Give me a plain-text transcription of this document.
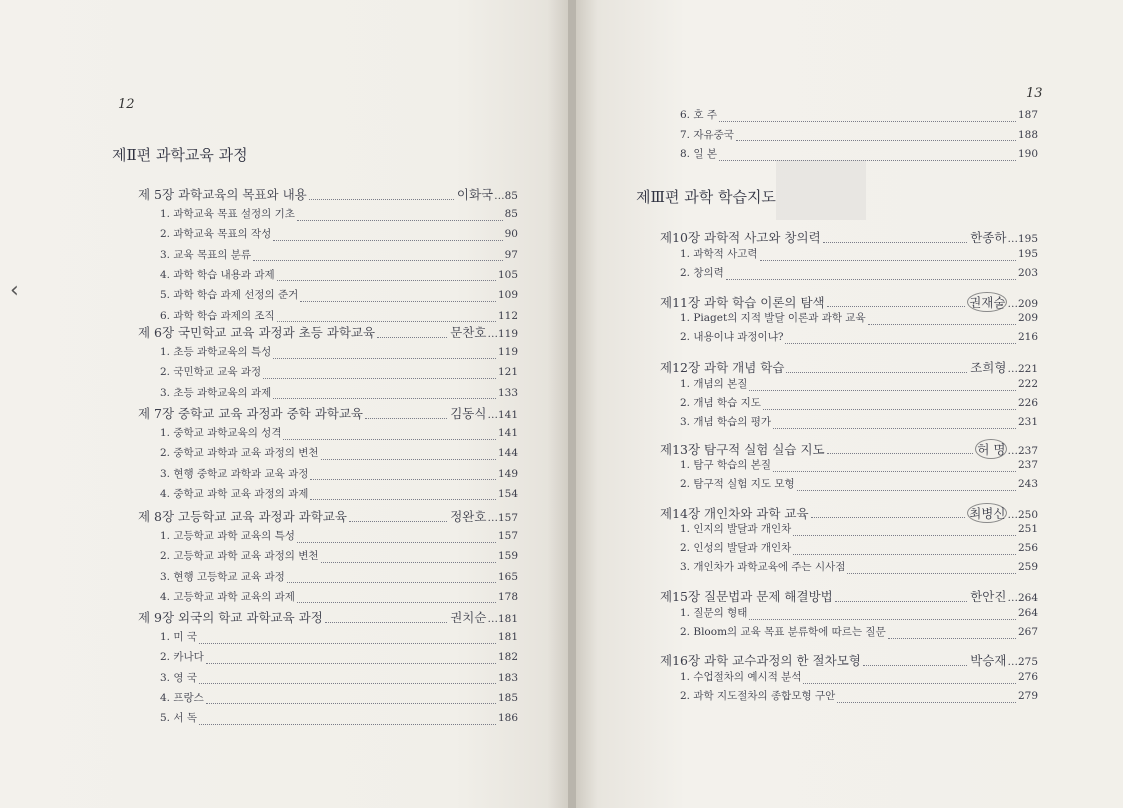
12
제Ⅱ편 과학교육 과정
제 5장 과학교육의 목표와 내용	이화국 …85
1. 과학교육 목표 설정의 기초	85
2. 과학교육 목표의 작성	90
3. 교육 목표의 분류	97
4. 과학 학습 내용과 과제	105
5. 과학 학습 과제 선정의 준거	109
6. 과학 학습 과제의 조직	112
제 6장 국민학교 교육 과정과 초등 과학교육	문찬호 …119
1. 초등 과학교육의 특성	119
2. 국민학교 교육 과정	121
3. 초등 과학교육의 과제	133
제 7장 중학교 교육 과정과 중학 과학교육	김동식 …141
1. 중학교 과학교육의 성격	141
2. 중학교 과학과 교육 과정의 변천	144
3. 현행 중학교 과학과 교육 과정	149
4. 중학교 과학 교육 과정의 과제	154
제 8장 고등학교 교육 과정과 과학교육	정완호 …157
1. 고등학교 과학 교육의 특성	157
2. 고등학교 과학 교육 과정의 변천	159
3. 현행 고등학교 교육 과정	165
4. 고등학교 과학 교육의 과제	178
제 9장 외국의 학교 과학교육 과정	권치순 …181
1. 미 국	181
2. 카나다	182
3. 영 국	183
4. 프랑스	185
5. 서 독	186
‹
13
6. 호 주	187
7. 자유중국	188
8. 일 본	190
제Ⅲ편 과학 학습지도
제10장 과학적 사고와 창의력	한종하 …195
1. 과학적 사고력	195
2. 창의력	203
제11장 과학 학습 이론의 탐색	권재술 …209
1. Piaget의 지적 발달 이론과 과학 교육	209
2. 내용이냐 과정이냐?	216
제12장 과학 개념 학습	조희형 …221
1. 개념의 본질	222
2. 개념 학습 지도	226
3. 개념 학습의 평가	231
제13장 탐구적 실험 실습 지도	허 명 …237
1. 탐구 학습의 본질	237
2. 탐구적 실험 지도 모형	243
제14장 개인차와 과학 교육	최병신 …250
1. 인지의 발달과 개인차	251
2. 인성의 발달과 개인차	256
3. 개인차가 과학교육에 주는 시사점	259
제15장 질문법과 문제 해결방법	한안진 …264
1. 질문의 형태	264
2. Bloom의 교육 목표 분류학에 따르는 질문	267
제16장 과학 교수과정의 한 절차모형	박승재 …275
1. 수업절차의 예시적 분석	276
2. 과학 지도절차의 종합모형 구안	279
